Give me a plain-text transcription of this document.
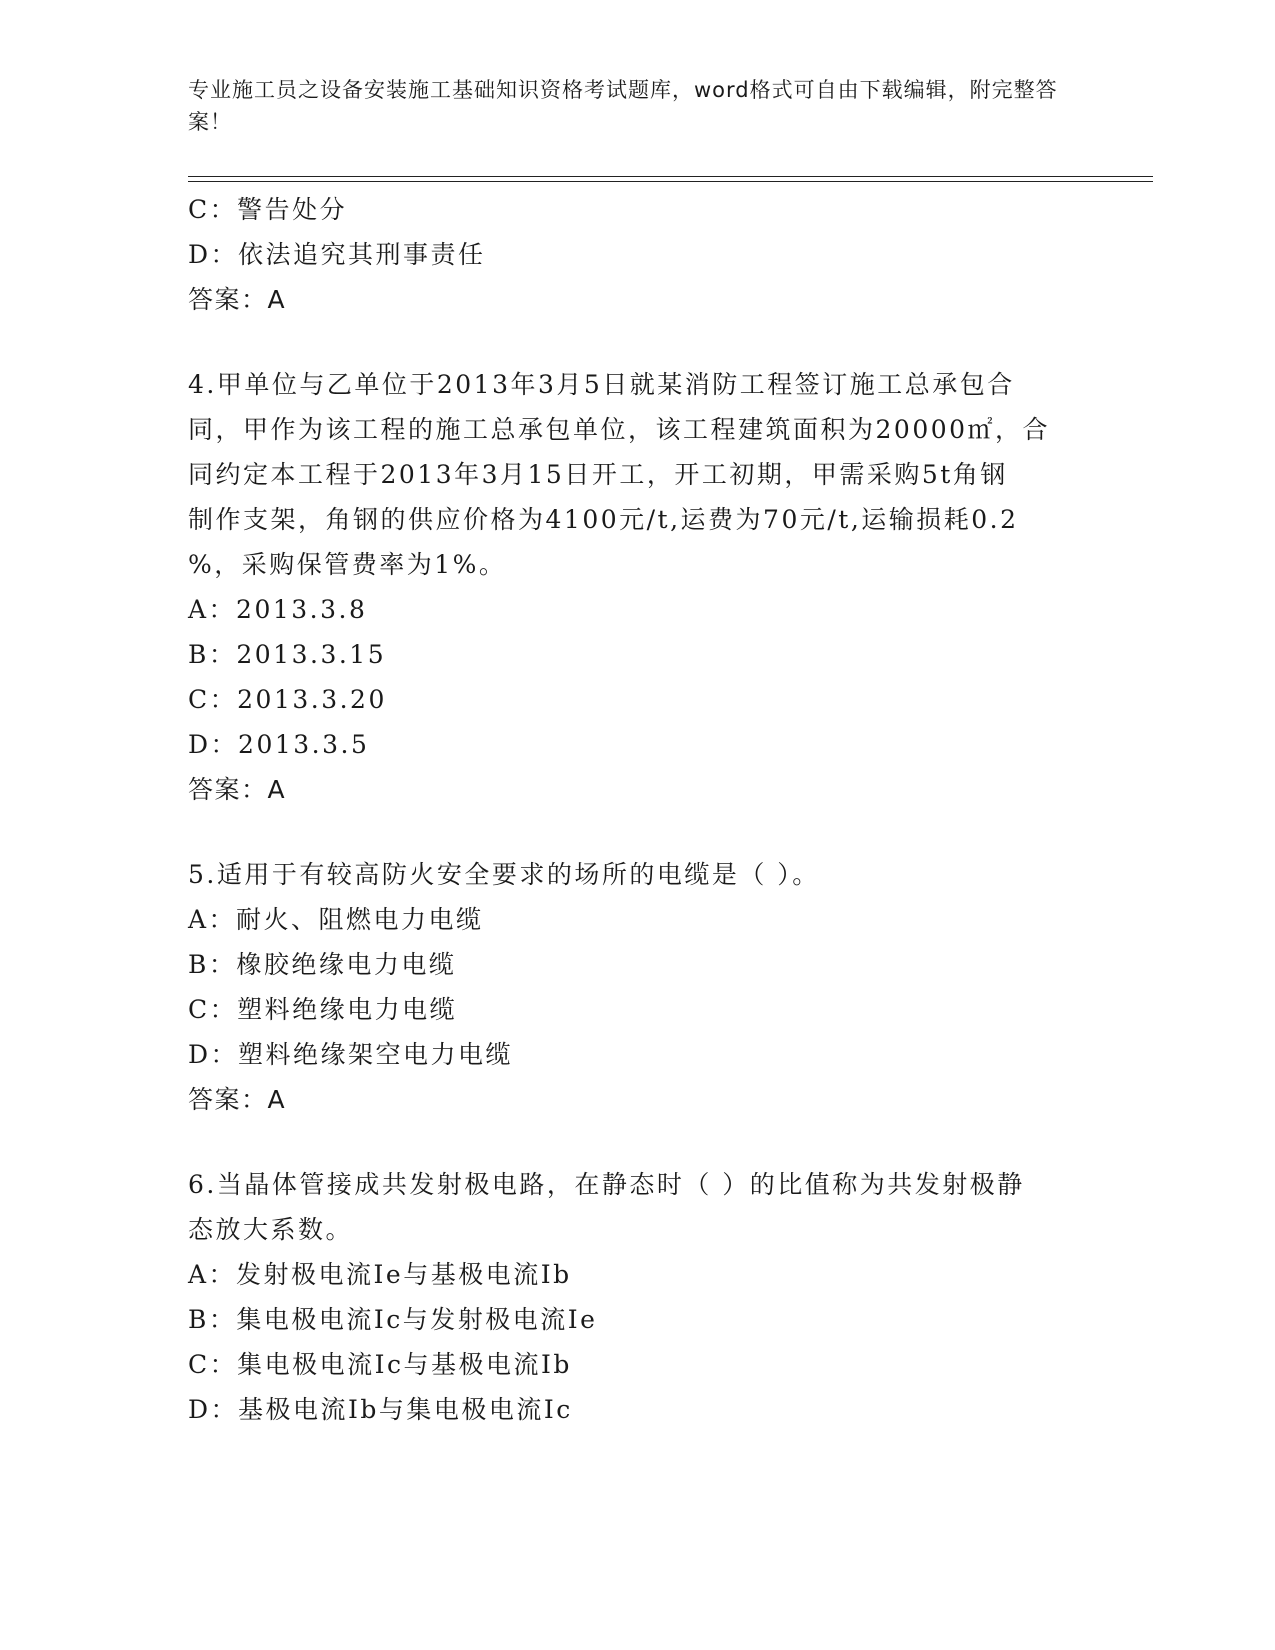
专业施工员之设备安装施工基础知识资格考试题库，word格式可自由下载编辑，附完整答案！
C：警告处分
D：依法追究其刑事责任
答案：A
4.甲单位与乙单位于2013年3月5日就某消防工程签订施工总承包合
同，甲作为该工程的施工总承包单位，该工程建筑面积为20000㎡，合
同约定本工程于2013年3月15日开工，开工初期，甲需采购5t角钢
制作支架，角钢的供应价格为4100元/t,运费为70元/t,运输损耗0.2
%，采购保管费率为1%。
A：2013.3.8
B：2013.3.15
C：2013.3.20
D：2013.3.5
答案：A
5.适用于有较高防火安全要求的场所的电缆是（ ）。
A：耐火、阻燃电力电缆
B：橡胶绝缘电力电缆
C：塑料绝缘电力电缆
D：塑料绝缘架空电力电缆
答案：A
6.当晶体管接成共发射极电路，在静态时（ ）的比值称为共发射极静
态放大系数。
A：发射极电流Ie与基极电流Ib
B：集电极电流Ic与发射极电流Ie
C：集电极电流Ic与基极电流Ib
D：基极电流Ib与集电极电流Ic
